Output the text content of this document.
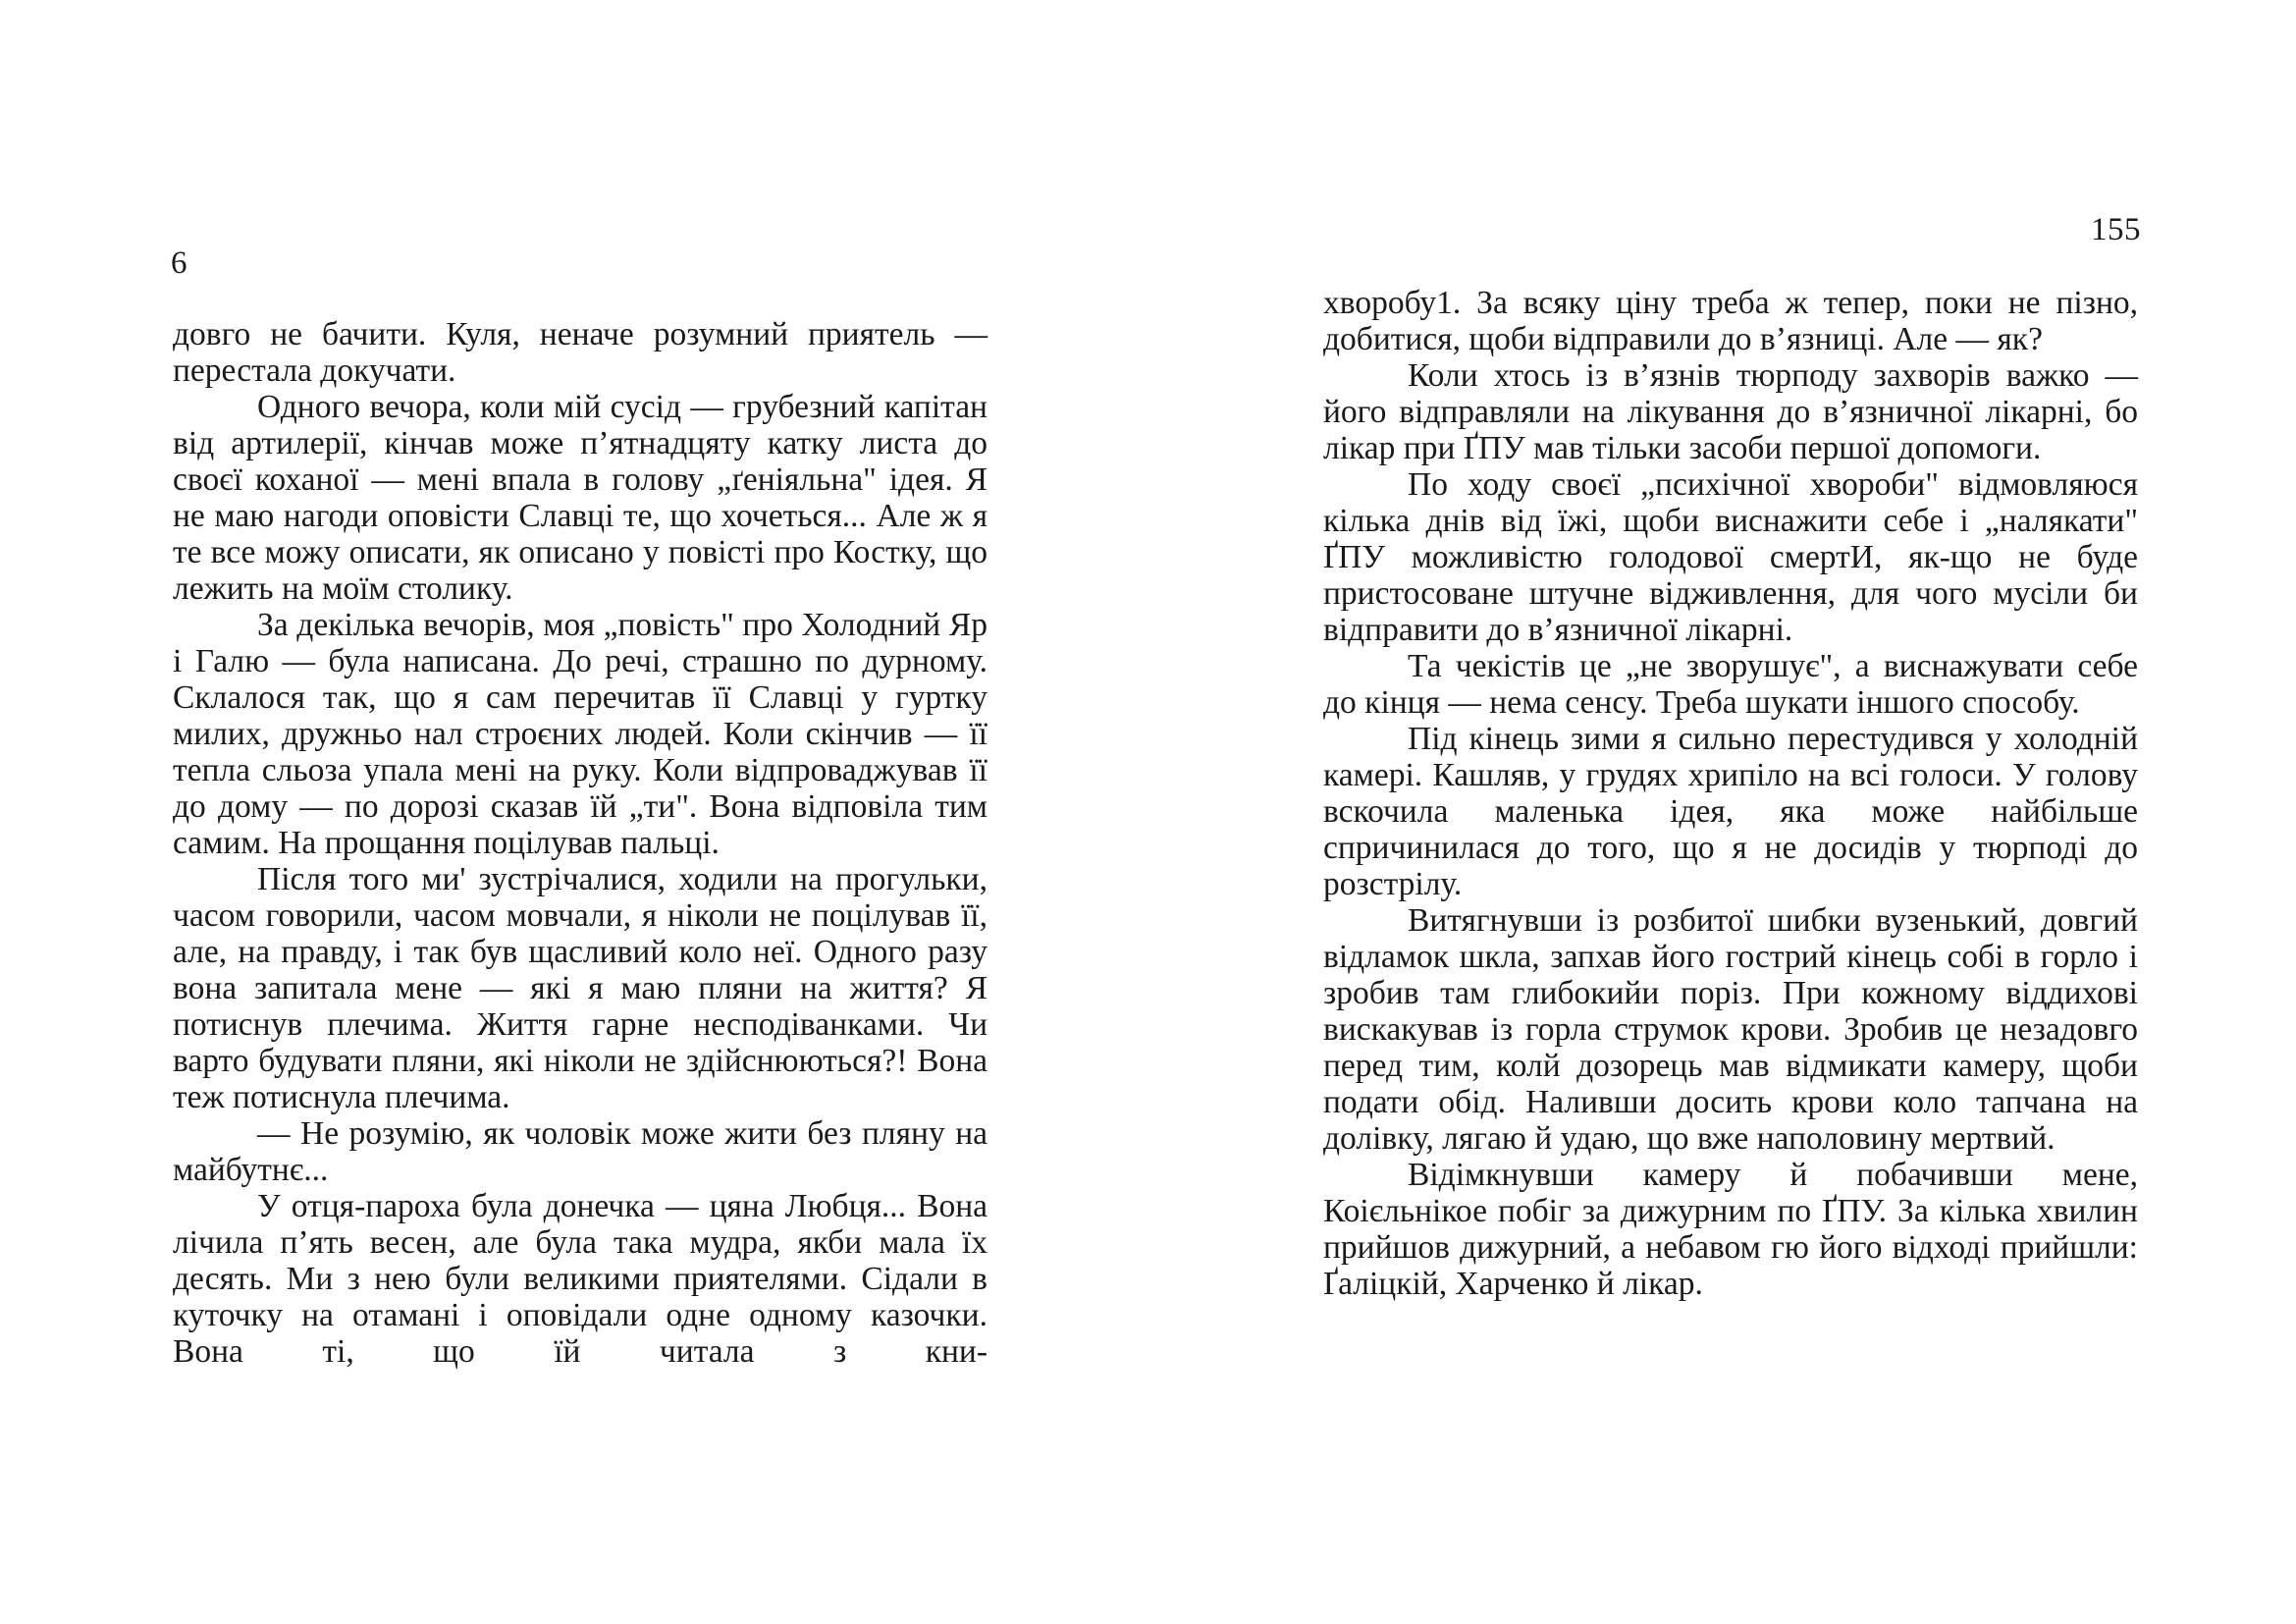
6

довго не бачити. Куля, неначе розумний приятель — перестала докучати.

Одного вечора, коли мій сусід — грубезний капітан від артилерії, кінчав може п’ятнадцяту катку листа до своєї коханої — мені впала в голову „ґеніяльна" ідея. Я не маю нагоди оповісти Славці те, що хочеться... Але ж я те все можу описати, як описано у повісті про Костку, що лежить на моїм столику.

За декілька вечорів, моя „повість" про Холодний Яр і Галю — була написана. До речі, страшно по дурному. Склалося так, що я сам перечитав її Славці у гуртку милих, дружньо нал строєних людей. Коли скінчив — її тепла сльоза упала мені на руку. Коли відпроваджував її до дому — по дорозі сказав їй „ти". Вона відповіла тим самим. На прощання поцілував пальці.

Після того ми' зустрічалися, ходили на прогульки, часом говорили, часом мовчали, я ніколи не поцілував її, але, на правду, і так був щасливий коло неї. Одного разу вона запитала мене — які я маю пляни на життя? Я потиснув плечима. Життя гарне несподіванками. Чи варто будувати пляни, які ніколи не здійснюються?! Вона теж потиснула плечима.

— Не розумію, як чоловік може жити без пляну на майбутнє...

У отця-пароха була донечка — цяна Любця... Вона лічила п’ять весен, але була така мудра, якби мала їх десять. Ми з нею були великими приятелями. Сідали в куточку на отамані і оповідали одне одному казочки. Вона ті, що їй читала з кни-

155

хворобу1. За всяку ціну треба ж тепер, поки не пізно, добитися, щоби відправили до в’язниці. Але — як?

Коли хтось із в’язнів тюрподу захворів важко — його відправляли на лікування до в’язничної лікарні, бо лікар при ҐПУ мав тільки засоби першої допомоги.

По ходу своєї „психічної хвороби" відмовляюся кілька днів від їжі, щоби виснажити себе і „налякати" ҐПУ можливістю голодової смертИ, як-що не буде пристосоване штучне відживлення, для чого мусіли би відправити до в’язничної лікарні.

Та чекістів це „не зворушує", а виснажувати себе до кінця — нема сенсу. Треба шукати іншого способу.

Під кінець зими я сильно перестудився у холодній камері. Кашляв, у грудях хрипіло на всі голоси. У голову вскочила маленька ідея, яка може найбільше спричинилася до того, що я не досидів у тюрподі до розстрілу.

Витягнувши із розбитої шибки вузенький, довгий відламок шкла, запхав його гострий кінець собі в горло і зробив там глибокийи поріз. При кожному віддихові вискакував із горла струмок крови. Зробив це незадовго перед тим, колй дозорець мав відмикати камеру, щоби подати обід. Наливши досить крови коло тапчана на долівку, лягаю й удаю, що вже наполовину мертвий.

Відімкнувши камеру й побачивши мене, Коієльнікое побіг за дижурним по ҐПУ. За кілька хвилин прийшов дижурний, а небавом гю його відході прийшли: Ґаліцкій, Харченко й лікар.
